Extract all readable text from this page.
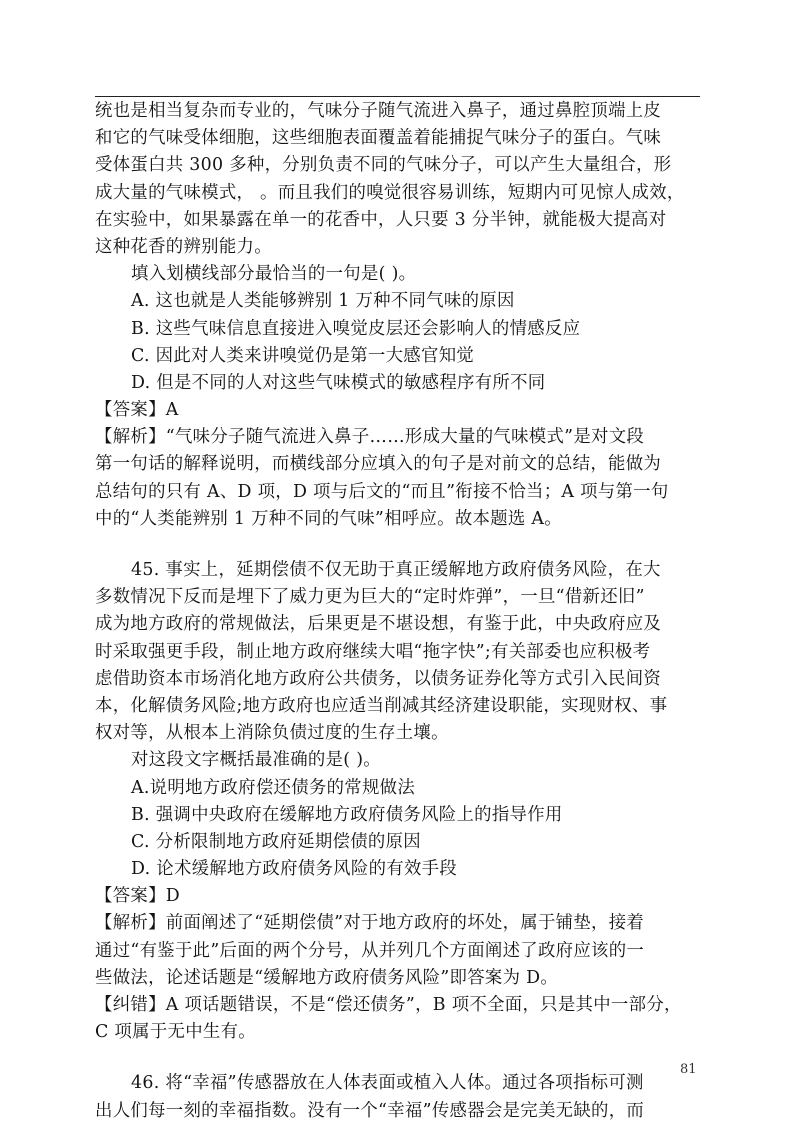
统也是相当复杂而专业的，气味分子随气流进入鼻子，通过鼻腔顶端上皮
和它的气味受体细胞，这些细胞表面覆盖着能捕捉气味分子的蛋白。气味
受体蛋白共 300 多种，分别负责不同的气味分子，可以产生大量组合，形
成大量的气味模式， 。而且我们的嗅觉很容易训练，短期内可见惊人成效，
在实验中，如果暴露在单一的花香中，人只要 3 分半钟，就能极大提高对
这种花香的辨别能力。
填入划横线部分最恰当的一句是( )。
A. 这也就是人类能够辨别 1 万种不同气味的原因
B. 这些气味信息直接进入嗅觉皮层还会影响人的情感反应
C. 因此对人类来讲嗅觉仍是第一大感官知觉
D. 但是不同的人对这些气味模式的敏感程序有所不同
【答案】A
【解析】“气味分子随气流进入鼻子……形成大量的气味模式”是对文段
第一句话的解释说明，而横线部分应填入的句子是对前文的总结，能做为
总结句的只有 A、D 项，D 项与后文的“而且”衔接不恰当；A 项与第一句
中的“人类能辨别 1 万种不同的气味”相呼应。故本题选 A。
45. 事实上，延期偿债不仅无助于真正缓解地方政府债务风险，在大
多数情况下反而是埋下了威力更为巨大的“定时炸弹”，一旦“借新还旧”
成为地方政府的常规做法，后果更是不堪设想，有鉴于此，中央政府应及
时采取强更手段，制止地方政府继续大唱“拖字快”;有关部委也应积极考
虑借助资本市场消化地方政府公共债务，以债务证券化等方式引入民间资
本，化解债务风险;地方政府也应适当削减其经济建设职能，实现财权、事
权对等，从根本上消除负债过度的生存土壤。
对这段文字概括最准确的是( )。
A.说明地方政府偿还债务的常规做法
B. 强调中央政府在缓解地方政府债务风险上的指导作用
C. 分析限制地方政府延期偿债的原因
D. 论术缓解地方政府债务风险的有效手段
【答案】D
【解析】前面阐述了“延期偿债”对于地方政府的坏处，属于铺垫，接着
通过“有鉴于此”后面的两个分号，从并列几个方面阐述了政府应该的一
些做法，论述话题是“缓解地方政府债务风险”即答案为 D。
【纠错】A 项话题错误，不是“偿还债务”，B 项不全面，只是其中一部分，
C 项属于无中生有。
46. 将“幸福”传感器放在人体表面或植入人体。通过各项指标可测
出人们每一刻的幸福指数。没有一个“幸福”传感器会是完美无缺的，而
81
